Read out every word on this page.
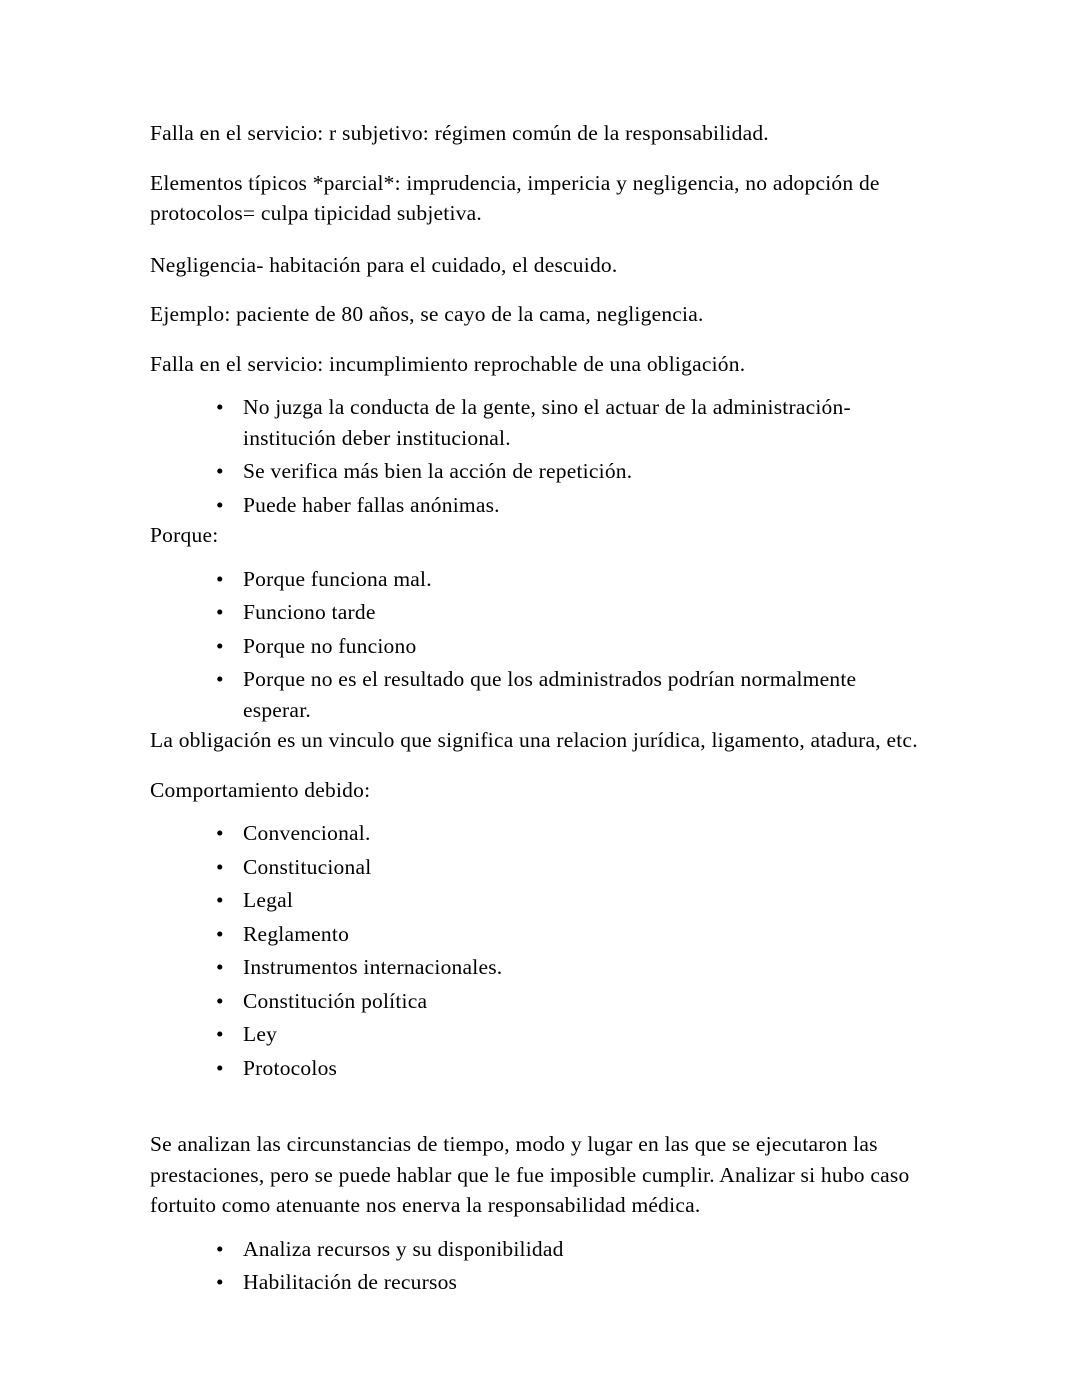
Falla en el servicio: r subjetivo: régimen común de la responsabilidad.

Elementos típicos *parcial*: imprudencia, impericia y negligencia, no adopción de protocolos= culpa tipicidad subjetiva.

Negligencia- habitación para el cuidado, el descuido.

Ejemplo: paciente de 80 años, se cayo de la cama, negligencia.

Falla en el servicio: incumplimiento reprochable de una obligación.

• No juzga la conducta de la gente, sino el actuar de la administración- institución deber institucional.
• Se verifica más bien la acción de repetición.
• Puede haber fallas anónimas.

Porque:

• Porque funciona mal.
• Funciono tarde
• Porque no funciono
• Porque no es el resultado que los administrados podrían normalmente esperar.

La obligación es un vinculo que significa una relacion jurídica, ligamento, atadura, etc.

Comportamiento debido:

• Convencional.
• Constitucional
• Legal
• Reglamento
• Instrumentos internacionales.
• Constitución política
• Ley
• Protocolos

Se analizan las circunstancias de tiempo, modo y lugar en las que se ejecutaron las prestaciones, pero se puede hablar que le fue imposible cumplir. Analizar si hubo caso fortuito como atenuante nos enerva la responsabilidad médica.

• Analiza recursos y su disponibilidad
• Habilitación de recursos
